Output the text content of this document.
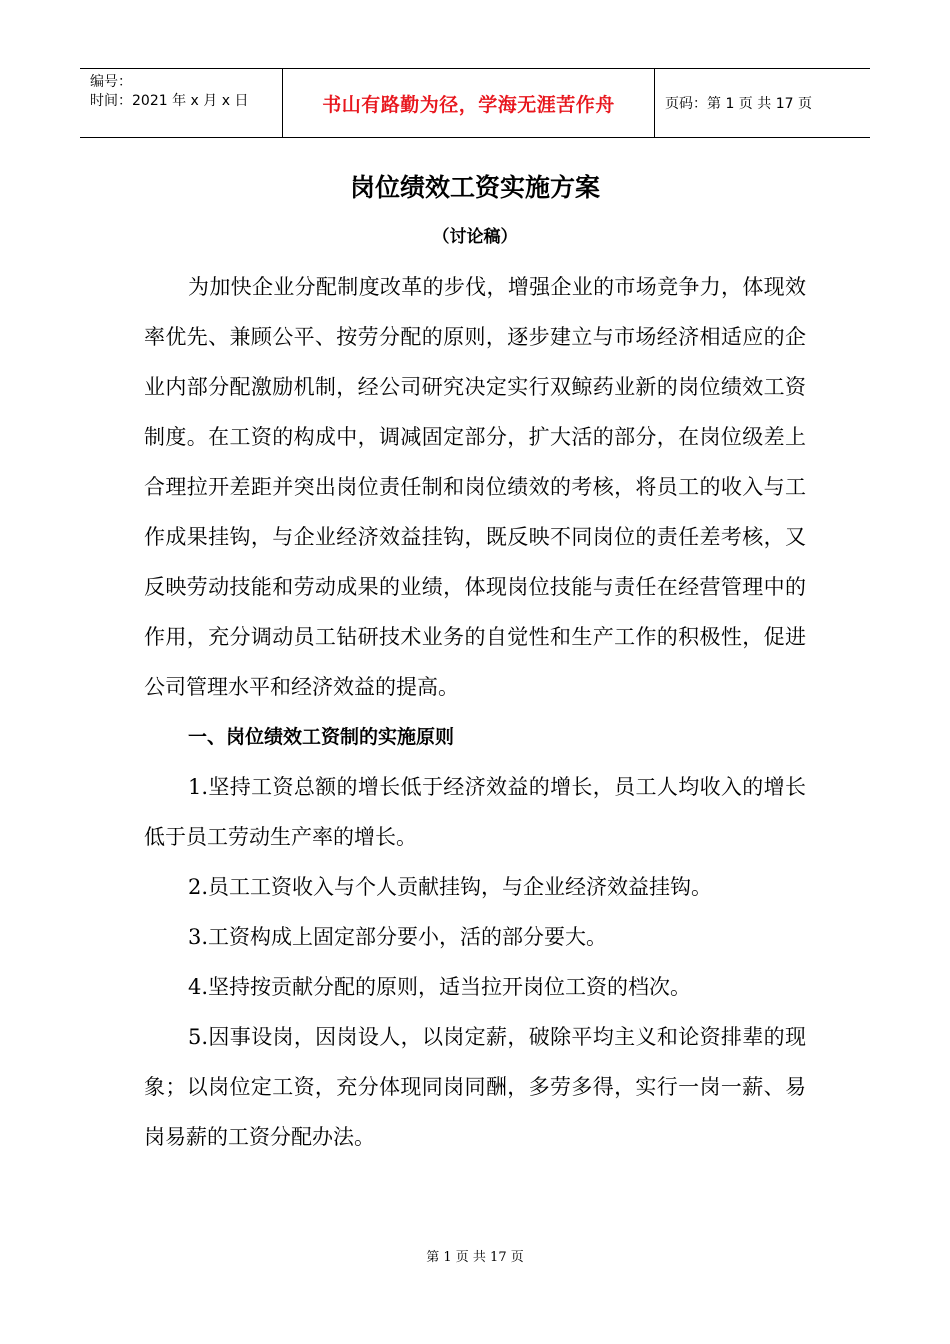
编号：
时间：2021 年 x 月 x 日	书山有路勤为径，学海无涯苦作舟	页码：第 1 页 共 17 页
岗位绩效工资实施方案
（讨论稿）

为加快企业分配制度改革的步伐，增强企业的市场竞争力，体现效率优先、兼顾公平、按劳分配的原则，逐步建立与市场经济相适应的企业内部分配激励机制，经公司研究决定实行双鲸药业新的岗位绩效工资制度。在工资的构成中，调减固定部分，扩大活的部分，在岗位级差上合理拉开差距并突出岗位责任制和岗位绩效的考核，将员工的收入与工作成果挂钩，与企业经济效益挂钩，既反映不同岗位的责任差考核，又反映劳动技能和劳动成果的业绩，体现岗位技能与责任在经营管理中的作用，充分调动员工钻研技术业务的自觉性和生产工作的积极性，促进公司管理水平和经济效益的提高。

一、岗位绩效工资制的实施原则

1.坚持工资总额的增长低于经济效益的增长，员工人均收入的增长低于员工劳动生产率的增长。

2.员工工资收入与个人贡献挂钩，与企业经济效益挂钩。

3.工资构成上固定部分要小，活的部分要大。

4.坚持按贡献分配的原则，适当拉开岗位工资的档次。

5.因事设岗，因岗设人，以岗定薪，破除平均主义和论资排辈的现象；以岗位定工资，充分体现同岗同酬，多劳多得，实行一岗一薪、易岗易薪的工资分配办法。

第 1 页 共 17 页
